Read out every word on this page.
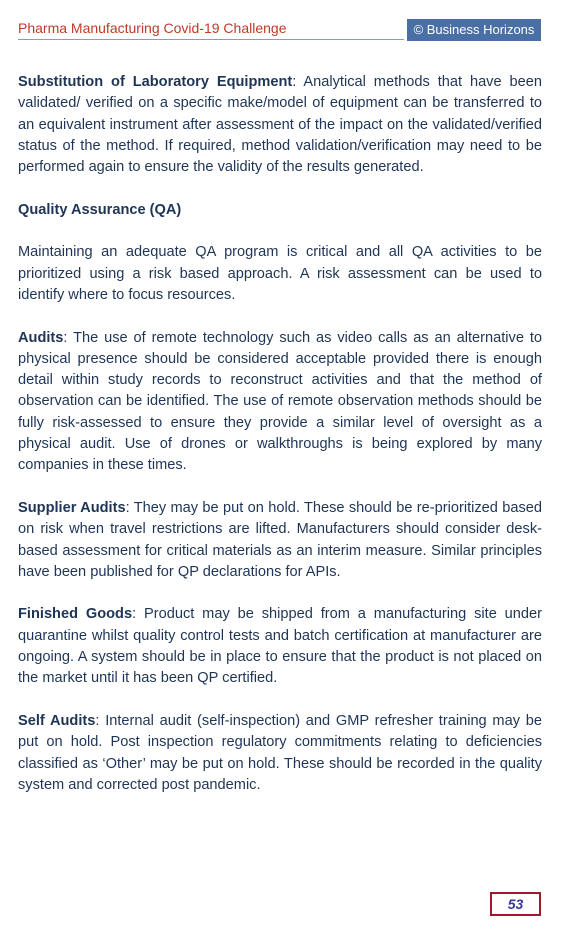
Pharma Manufacturing Covid-19 Challenge	© Business Horizons

Substitution of Laboratory Equipment: Analytical methods that have been validated/ verified on a specific make/model of equipment can be transferred to an equivalent instrument after assessment of the impact on the validated/verified status of the method. If required, method validation/verification may need to be performed again to ensure the validity of the results generated.

Quality Assurance (QA)

Maintaining an adequate QA program is critical and all QA activities to be prioritized using a risk based approach. A risk assessment can be used to identify where to focus resources.

Audits: The use of remote technology such as video calls as an alternative to physical presence should be considered acceptable provided there is enough detail within study records to reconstruct activities and that the method of observation can be identified. The use of remote observation methods should be fully risk-assessed to ensure they provide a similar level of oversight as a physical audit. Use of drones or walkthroughs is being explored by many companies in these times.

Supplier Audits: They may be put on hold. These should be re-prioritized based on risk when travel restrictions are lifted. Manufacturers should consider desk-based assessment for critical materials as an interim measure. Similar principles have been published for QP declarations for APIs.

Finished Goods: Product may be shipped from a manufacturing site under quarantine whilst quality control tests and batch certification at manufacturer are ongoing. A system should be in place to ensure that the product is not placed on the market until it has been QP certified.

Self Audits: Internal audit (self-inspection) and GMP refresher training may be put on hold. Post inspection regulatory commitments relating to deficiencies classified as ‘Other’ may be put on hold. These should be recorded in the quality system and corrected post pandemic.

53
